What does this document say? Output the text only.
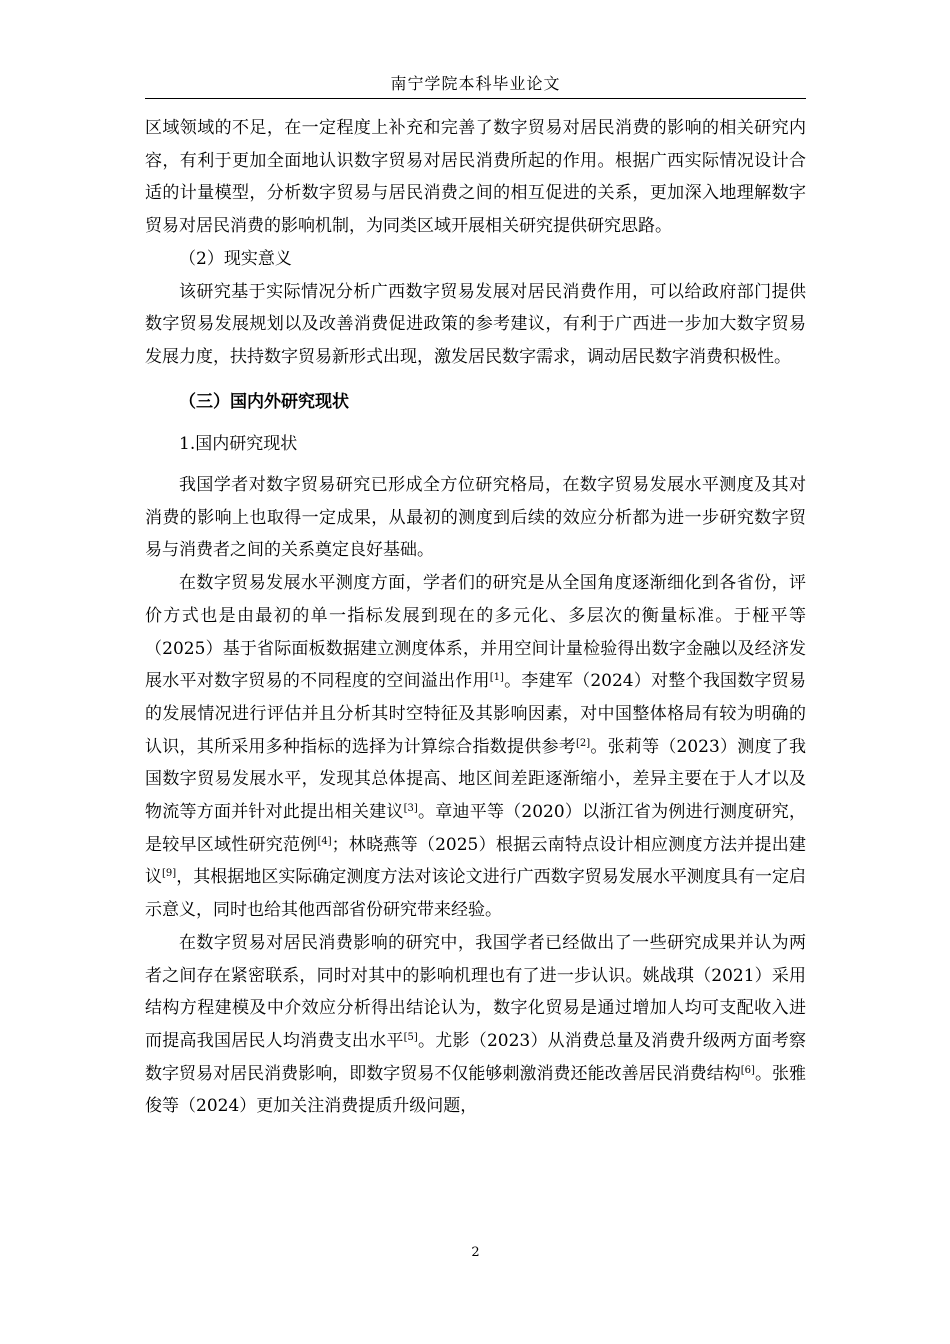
南宁学院本科毕业论文

区域领域的不足，在一定程度上补充和完善了数字贸易对居民消费的影响的相关研究内容，有利于更加全面地认识数字贸易对居民消费所起的作用。根据广西实际情况设计合适的计量模型，分析数字贸易与居民消费之间的相互促进的关系，更加深入地理解数字贸易对居民消费的影响机制，为同类区域开展相关研究提供研究思路。

（2）现实意义

该研究基于实际情况分析广西数字贸易发展对居民消费作用，可以给政府部门提供数字贸易发展规划以及改善消费促进政策的参考建议，有利于广西进一步加大数字贸易发展力度，扶持数字贸易新形式出现，激发居民数字需求，调动居民数字消费积极性。

（三）国内外研究现状
1.国内研究现状

我国学者对数字贸易研究已形成全方位研究格局，在数字贸易发展水平测度及其对消费的影响上也取得一定成果，从最初的测度到后续的效应分析都为进一步研究数字贸易与消费者之间的关系奠定良好基础。

在数字贸易发展水平测度方面，学者们的研究是从全国角度逐渐细化到各省份，评价方式也是由最初的单一指标发展到现在的多元化、多层次的衡量标准。于桠平等（2025）基于省际面板数据建立测度体系，并用空间计量检验得出数字金融以及经济发展水平对数字贸易的不同程度的空间溢出作用[1]。李建军（2024）对整个我国数字贸易的发展情况进行评估并且分析其时空特征及其影响因素，对中国整体格局有较为明确的认识，其所采用多种指标的选择为计算综合指数提供参考[2]。张莉等（2023）测度了我国数字贸易发展水平，发现其总体提高、地区间差距逐渐缩小，差异主要在于人才以及物流等方面并针对此提出相关建议[3]。章迪平等（2020）以浙江省为例进行测度研究，是较早区域性研究范例[4]；林晓燕等（2025）根据云南特点设计相应测度方法并提出建议[9]，其根据地区实际确定测度方法对该论文进行广西数字贸易发展水平测度具有一定启示意义，同时也给其他西部省份研究带来经验。

在数字贸易对居民消费影响的研究中，我国学者已经做出了一些研究成果并认为两者之间存在紧密联系，同时对其中的影响机理也有了进一步认识。姚战琪（2021）采用结构方程建模及中介效应分析得出结论认为，数字化贸易是通过增加人均可支配收入进而提高我国居民人均消费支出水平[5]。尤影（2023）从消费总量及消费升级两方面考察数字贸易对居民消费影响，即数字贸易不仅能够刺激消费还能改善居民消费结构[6]。张雅俊等（2024）更加关注消费提质升级问题，

2
